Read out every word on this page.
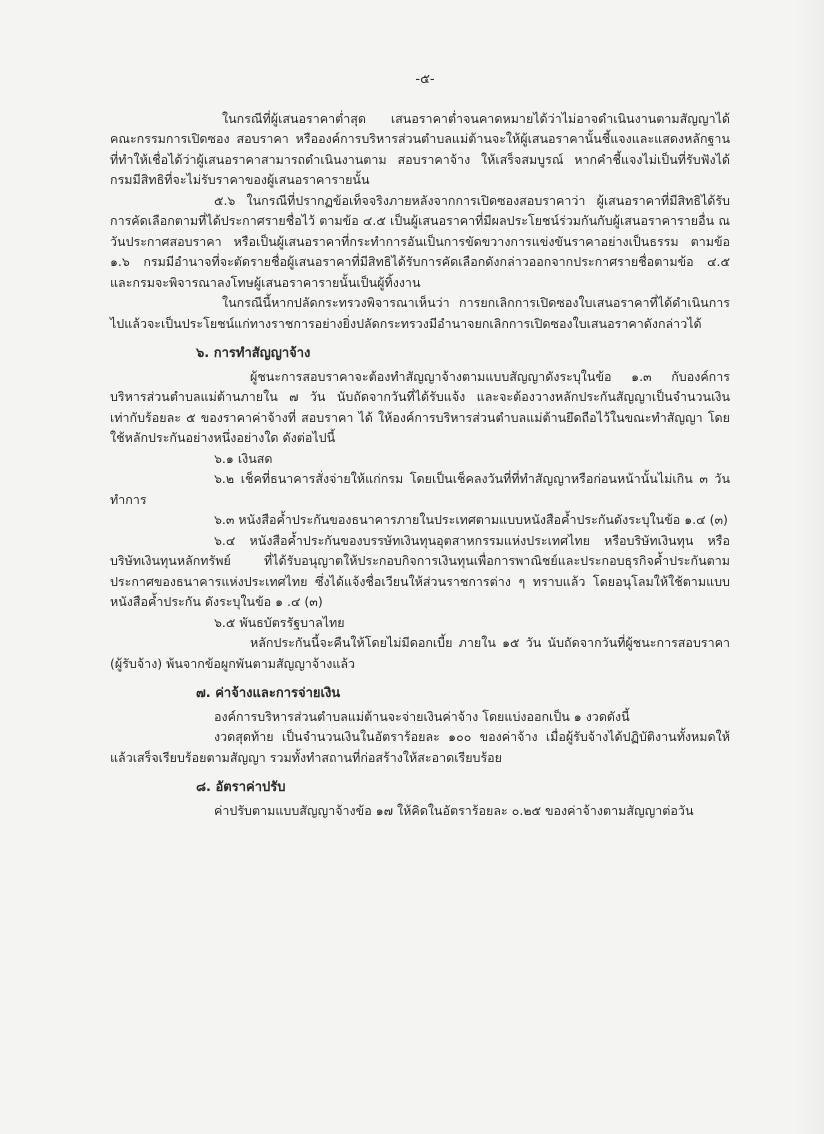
-๕-

ในกรณีที่ผู้เสนอราคาต่ำสุด เสนอราคาต่ำจนคาดหมายได้ว่าไม่อาจดำเนินงานตามสัญญาได้ คณะกรรมการเปิดซอง สอบราคา หรือองค์การบริหารส่วนตำบลแม่ต้านจะให้ผู้เสนอราคานั้นชี้แจงและแสดงหลักฐานที่ทำให้เชื่อได้ว่าผู้เสนอราคาสามารถดำเนินงานตาม สอบราคาจ้าง ให้เสร็จสมบูรณ์ หากคำชี้แจงไม่เป็นที่รับฟังได้ กรมมีสิทธิที่จะไม่รับราคาของผู้เสนอราคารายนั้น

๕.๖ ในกรณีที่ปรากฏข้อเท็จจริงภายหลังจากการเปิดซองสอบราคาว่า ผู้เสนอราคาที่มีสิทธิได้รับการคัดเลือกตามที่ได้ประกาศรายชื่อไว้ ตามข้อ ๔.๕ เป็นผู้เสนอราคาที่มีผลประโยชน์ร่วมกันกับผู้เสนอราคารายอื่น ณ วันประกาศสอบราคา หรือเป็นผู้เสนอราคาที่กระทำการอันเป็นการขัดขวางการแข่งขันราคาอย่างเป็นธรรม ตามข้อ ๑.๖ กรมมีอำนาจที่จะตัดรายชื่อผู้เสนอราคาที่มีสิทธิได้รับการคัดเลือกดังกล่าวออกจากประกาศรายชื่อตามข้อ ๔.๕ และกรมจะพิจารณาลงโทษผู้เสนอราคารายนั้นเป็นผู้ทิ้งงาน

ในกรณีนี้หากปลัดกระทรวงพิจารณาเห็นว่า การยกเลิกการเปิดซองใบเสนอราคาที่ได้ดำเนินการไปแล้วจะเป็นประโยชน์แก่ทางราชการอย่างยิ่งปลัดกระทรวงมีอำนาจยกเลิกการเปิดซองใบเสนอราคาดังกล่าวได้

๖. การทำสัญญาจ้าง

ผู้ชนะการสอบราคาจะต้องทำสัญญาจ้างตามแบบสัญญาดังระบุในข้อ ๑.๓ กับองค์การบริหารส่วนตำบลแม่ต้านภายใน ๗ วัน นับถัดจากวันที่ได้รับแจ้ง และจะต้องวางหลักประกันสัญญาเป็นจำนวนเงินเท่ากับร้อยละ ๕ ของราคาค่าจ้างที่ สอบราคา ได้ ให้องค์การบริหารส่วนตำบลแม่ต้านยึดถือไว้ในขณะทำสัญญา โดยใช้หลักประกันอย่างหนึ่งอย่างใด ดังต่อไปนี้

๖.๑ เงินสด

๖.๒ เช็คที่ธนาคารสั่งจ่ายให้แก่กรม โดยเป็นเช็คลงวันที่ที่ทำสัญญาหรือก่อนหน้านั้นไม่เกิน ๓ วันทำการ

๖.๓ หนังสือค้ำประกันของธนาคารภายในประเทศตามแบบหนังสือค้ำประกันดังระบุในข้อ ๑.๔ (๓)

๖.๔ หนังสือค้ำประกันของบรรษัทเงินทุนอุตสาหกรรมแห่งประเทศไทย หรือบริษัทเงินทุน หรือบริษัทเงินทุนหลักทรัพย์ ที่ได้รับอนุญาตให้ประกอบกิจการเงินทุนเพื่อการพาณิชย์และประกอบธุรกิจค้ำประกันตามประกาศของธนาคารแห่งประเทศไทย ซึ่งได้แจ้งชื่อเวียนให้ส่วนราชการต่าง ๆ ทราบแล้ว โดยอนุโลมให้ใช้ตามแบบหนังสือค้ำประกัน ดังระบุในข้อ ๑ .๔ (๓)

๖.๕ พันธบัตรรัฐบาลไทย

หลักประกันนี้จะคืนให้โดยไม่มีดอกเบี้ย ภายใน ๑๕ วัน นับถัดจากวันที่ผู้ชนะการสอบราคา (ผู้รับจ้าง) พ้นจากข้อผูกพันตามสัญญาจ้างแล้ว

๗. ค่าจ้างและการจ่ายเงิน

องค์การบริหารส่วนตำบลแม่ต้านจะจ่ายเงินค่าจ้าง โดยแบ่งออกเป็น ๑ งวดดังนี้

งวดสุดท้าย เป็นจำนวนเงินในอัตราร้อยละ ๑๐๐ ของค่าจ้าง เมื่อผู้รับจ้างได้ปฏิบัติงานทั้งหมดให้ แล้วเสร็จเรียบร้อยตามสัญญา รวมทั้งทำสถานที่ก่อสร้างให้สะอาดเรียบร้อย

๘. อัตราค่าปรับ

ค่าปรับตามแบบสัญญาจ้างข้อ ๑๗ ให้คิดในอัตราร้อยละ ๐.๒๕ ของค่าจ้างตามสัญญาต่อวัน
